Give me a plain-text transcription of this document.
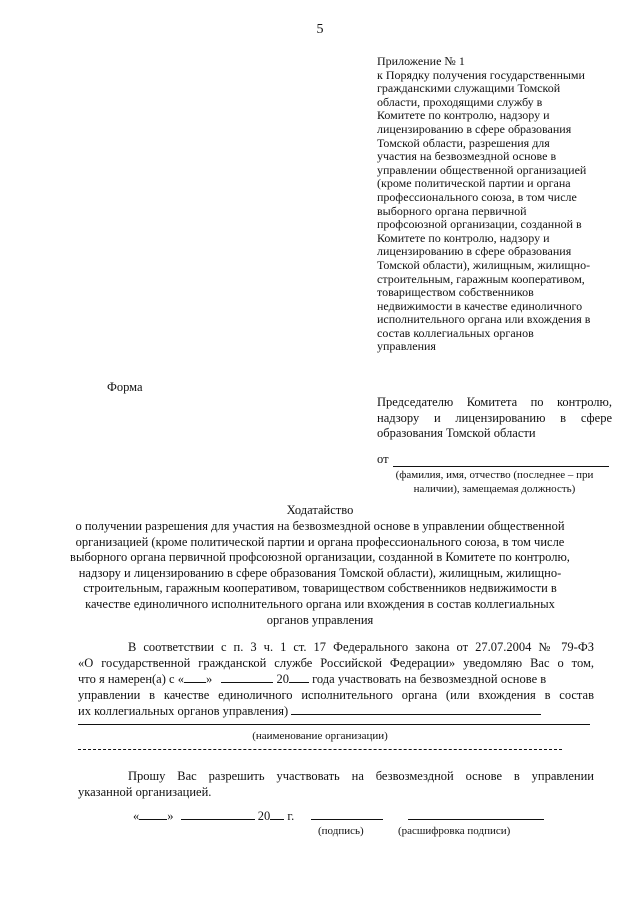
5
Приложение № 1
к Порядку получения государственными
гражданскими служащими Томской
области, проходящими службу в
Комитете по контролю, надзору и
лицензированию в сфере образования
Томской области, разрешения для
участия на безвозмездной основе в
управлении общественной организацией
(кроме политической партии и органа
профессионального союза, в том числе
выборного органа первичной
профсоюзной организации, созданной в
Комитете по контролю, надзору и
лицензированию в сфере образования
Томской области), жилищным, жилищно-
строительным, гаражным кооперативом,
товариществом собственников
недвижимости в качестве единоличного
исполнительного органа или вхождения в
состав коллегиальных органов
управления
Форма
Председателю Комитета по контролю,
надзору и лицензированию в сфере
образования Томской области
от
(фамилия, имя, отчество (последнее – при наличии), замещаемая должность)
Ходатайство
о получении разрешения для участия на безвозмездной основе в управлении общественной
организацией (кроме политической партии и органа профессионального союза, в том числе
выборного органа первичной профсоюзной организации, созданной в Комитете по контролю,
надзору и лицензированию в сфере образования Томской области), жилищным, жилищно-
строительным, гаражным кооперативом, товариществом собственников недвижимости в
качестве единоличного исполнительного органа или вхождения в состав коллегиальных
органов управления
В соответствии с п. 3 ч. 1 ст. 17 Федерального закона от 27.07.2004 № 79-ФЗ
«О государственной гражданской службе Российской Федерации» уведомляю Вас о том,
что я намерен(а) с « »	20 года участвовать на безвозмездной основе в
управлении в качестве единоличного исполнительного органа (или вхождения в состав
их коллегиальных органов управления)
(наименование организации)
Прошу Вас разрешить участвовать на безвозмездной основе в управлении
указанной организацией.
« »	20 г.
(подпись)	(расшифровка подписи)
